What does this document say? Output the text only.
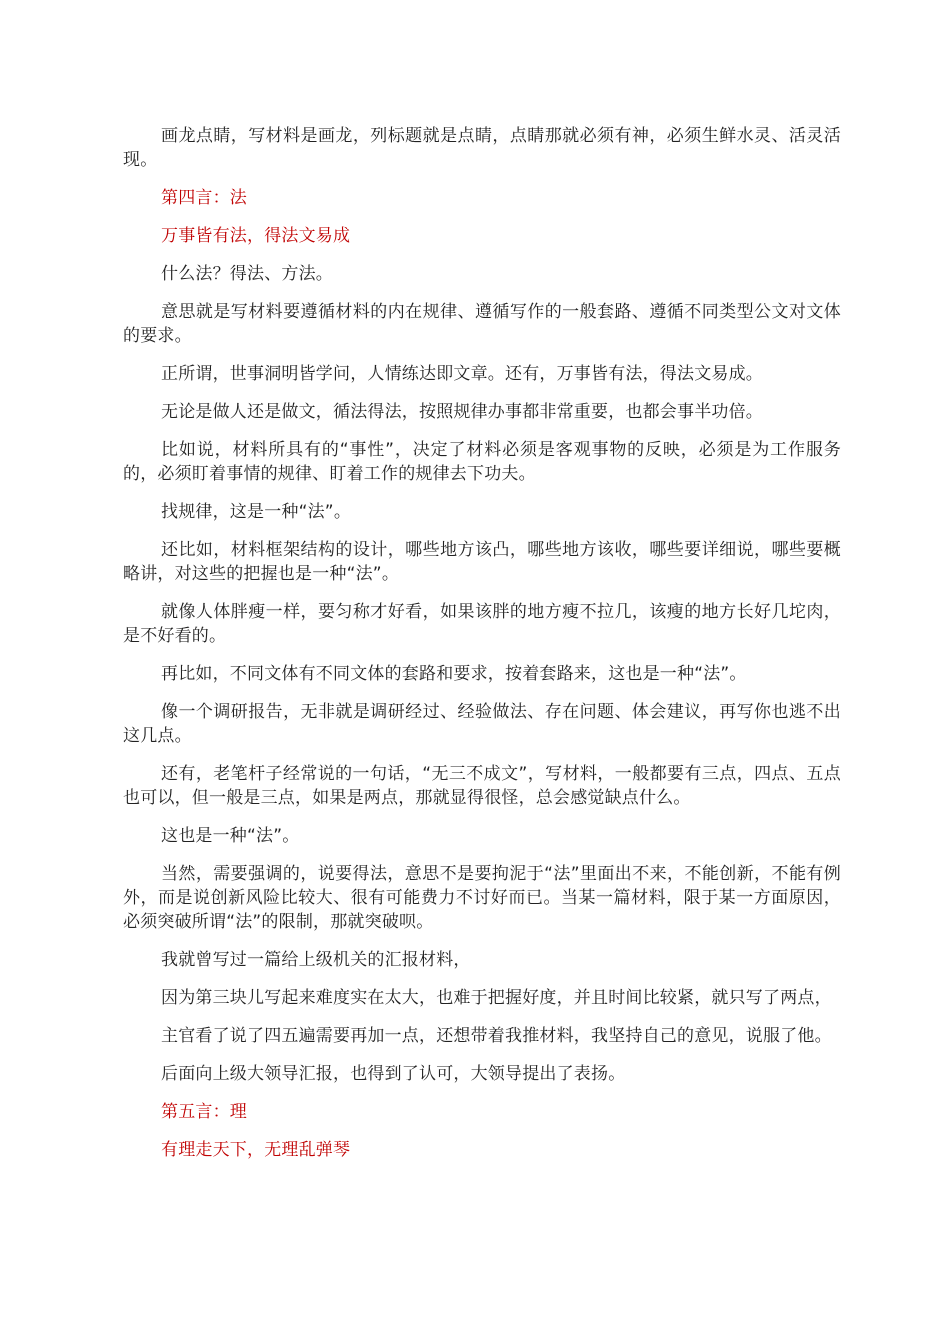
画龙点睛，写材料是画龙，列标题就是点睛，点睛那就必须有神，必须生鲜水灵、活灵活现。

第四言：法

万事皆有法，得法文易成

什么法？得法、方法。

意思就是写材料要遵循材料的内在规律、遵循写作的一般套路、遵循不同类型公文对文体的要求。

正所谓，世事洞明皆学问，人情练达即文章。还有，万事皆有法，得法文易成。

无论是做人还是做文，循法得法，按照规律办事都非常重要，也都会事半功倍。

比如说，材料所具有的“事性”，决定了材料必须是客观事物的反映，必须是为工作服务的，必须盯着事情的规律、盯着工作的规律去下功夫。

找规律，这是一种“法”。

还比如，材料框架结构的设计，哪些地方该凸，哪些地方该收，哪些要详细说，哪些要概略讲，对这些的把握也是一种“法”。

就像人体胖瘦一样，要匀称才好看，如果该胖的地方瘦不拉几，该瘦的地方长好几坨肉，是不好看的。

再比如，不同文体有不同文体的套路和要求，按着套路来，这也是一种“法”。

像一个调研报告，无非就是调研经过、经验做法、存在问题、体会建议，再写你也逃不出这几点。

还有，老笔杆子经常说的一句话，“无三不成文”，写材料，一般都要有三点，四点、五点也可以，但一般是三点，如果是两点，那就显得很怪，总会感觉缺点什么。

这也是一种“法”。

当然，需要强调的，说要得法，意思不是要拘泥于“法”里面出不来，不能创新，不能有例外，而是说创新风险比较大、很有可能费力不讨好而已。当某一篇材料，限于某一方面原因，必须突破所谓“法”的限制，那就突破呗。

我就曾写过一篇给上级机关的汇报材料，

因为第三块儿写起来难度实在太大，也难于把握好度，并且时间比较紧，就只写了两点，

主官看了说了四五遍需要再加一点，还想带着我推材料，我坚持自己的意见，说服了他。

后面向上级大领导汇报，也得到了认可，大领导提出了表扬。

第五言：理

有理走天下，无理乱弹琴
